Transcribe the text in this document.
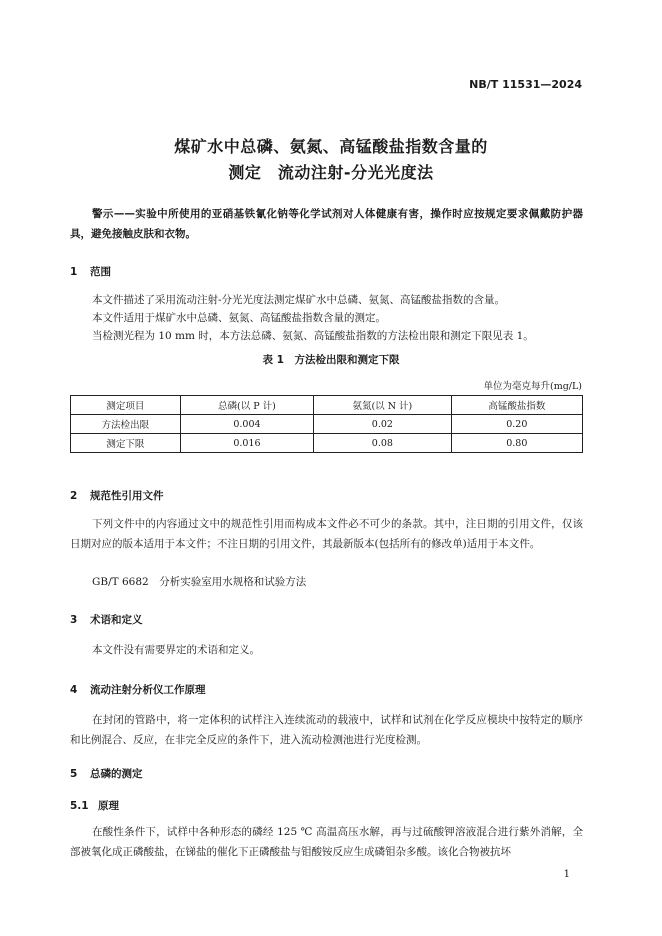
NB/T 11531—2024
煤矿水中总磷、氨氮、高锰酸盐指数含量的
测定　流动注射-分光光度法
警示——实验中所使用的亚硝基铁氰化钠等化学试剂对人体健康有害，操作时应按规定要求佩戴防护器具，避免接触皮肤和衣物。
1 范围
本文件描述了采用流动注射-分光光度法测定煤矿水中总磷、氨氮、高锰酸盐指数的含量。
本文件适用于煤矿水中总磷、氨氮、高锰酸盐指数含量的测定。
当检测光程为 10 mm 时，本方法总磷、氨氮、高锰酸盐指数的方法检出限和测定下限见表 1。
表 1　方法检出限和测定下限
单位为毫克每升(mg/L)
测定项目	总磷(以 P 计)	氨氮(以 N 计)	高锰酸盐指数
方法检出限	0.004	0.02	0.20
测定下限	0.016	0.08	0.80
2 规范性引用文件
下列文件中的内容通过文中的规范性引用而构成本文件必不可少的条款。其中，注日期的引用文件，仅该日期对应的版本适用于本文件；不注日期的引用文件，其最新版本(包括所有的修改单)适用于本文件。
GB/T 6682　分析实验室用水规格和试验方法
3 术语和定义
本文件没有需要界定的术语和定义。
4 流动注射分析仪工作原理
在封闭的管路中，将一定体积的试样注入连续流动的载液中，试样和试剂在化学反应模块中按特定的顺序和比例混合、反应，在非完全反应的条件下，进入流动检测池进行光度检测。
5 总磷的测定
5.1 原理
在酸性条件下，试样中各种形态的磷经 125 ℃ 高温高压水解，再与过硫酸钾溶液混合进行紫外消解，全部被氧化成正磷酸盐，在锑盐的催化下正磷酸盐与钼酸铵反应生成磷钼杂多酸。该化合物被抗坏
1
